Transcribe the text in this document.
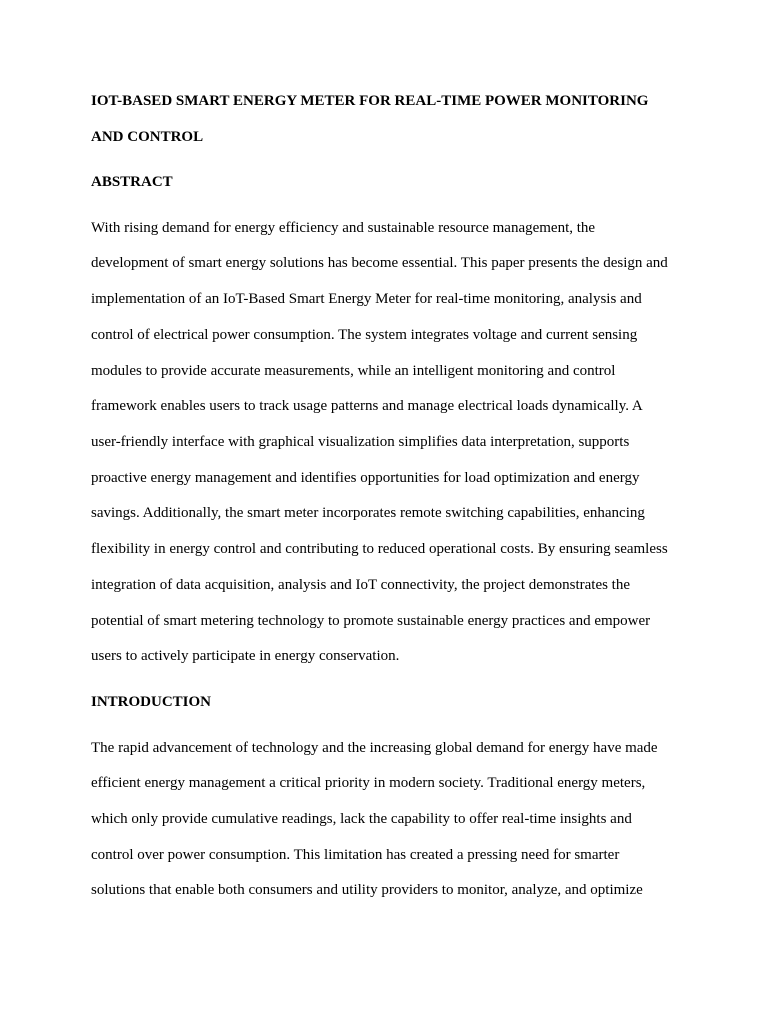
IOT-BASED SMART ENERGY METER FOR REAL-TIME POWER MONITORING
AND CONTROL
ABSTRACT

With rising demand for energy efficiency and sustainable resource management, the
development of smart energy solutions has become essential. This paper presents the design and
implementation of an IoT-Based Smart Energy Meter for real-time monitoring, analysis and
control of electrical power consumption. The system integrates voltage and current sensing
modules to provide accurate measurements, while an intelligent monitoring and control
framework enables users to track usage patterns and manage electrical loads dynamically. A
user-friendly interface with graphical visualization simplifies data interpretation, supports
proactive energy management and identifies opportunities for load optimization and energy
savings. Additionally, the smart meter incorporates remote switching capabilities, enhancing
flexibility in energy control and contributing to reduced operational costs. By ensuring seamless
integration of data acquisition, analysis and IoT connectivity, the project demonstrates the
potential of smart metering technology to promote sustainable energy practices and empower
users to actively participate in energy conservation.

INTRODUCTION

The rapid advancement of technology and the increasing global demand for energy have made
efficient energy management a critical priority in modern society. Traditional energy meters,
which only provide cumulative readings, lack the capability to offer real-time insights and
control over power consumption. This limitation has created a pressing need for smarter
solutions that enable both consumers and utility providers to monitor, analyze, and optimize
